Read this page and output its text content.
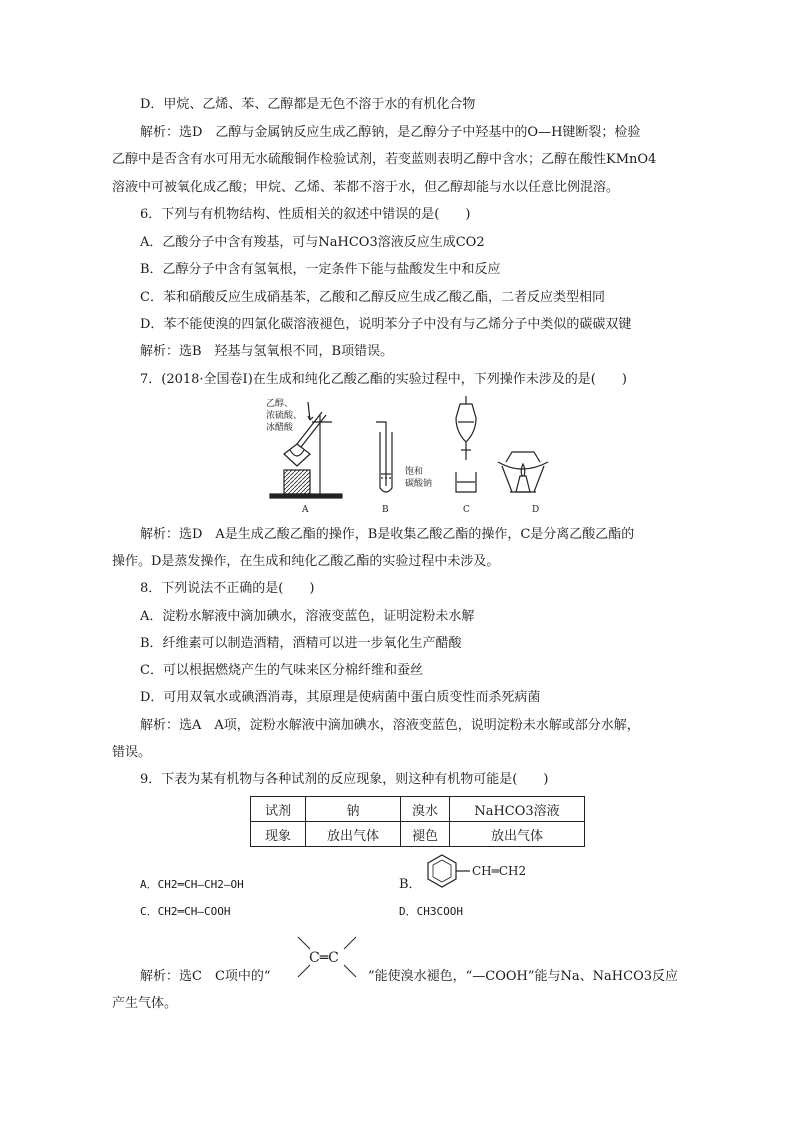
D．甲烷、乙烯、苯、乙醇都是无色不溶于水的有机化合物
解析：选D　乙醇与金属钠反应生成乙醇钠，是乙醇分子中羟基中的O—H键断裂；检验
乙醇中是否含有水可用无水硫酸铜作检验试剂，若变蓝则表明乙醇中含水；乙醇在酸性KMnO4
溶液中可被氧化成乙酸；甲烷、乙烯、苯都不溶于水，但乙醇却能与水以任意比例混溶。
6．下列与有机物结构、性质相关的叙述中错误的是(　　)
A．乙酸分子中含有羧基，可与NaHCO3溶液反应生成CO2
B．乙醇分子中含有氢氧根，一定条件下能与盐酸发生中和反应
C．苯和硝酸反应生成硝基苯，乙酸和乙醇反应生成乙酸乙酯，二者反应类型相同
D．苯不能使溴的四氯化碳溶液褪色，说明苯分子中没有与乙烯分子中类似的碳碳双键
解析：选B　羟基与氢氧根不同，B项错误。
7．(2018·全国卷Ⅰ)在生成和纯化乙酸乙酯的实验过程中，下列操作未涉及的是(　　)
乙醇、
浓硫酸、
冰醋酸
A
饱和
碳酸钠
B	C	D
解析：选D　A是生成乙酸乙酯的操作，B是收集乙酸乙酯的操作，C是分离乙酸乙酯的
操作。D是蒸发操作，在生成和纯化乙酸乙酯的实验过程中未涉及。
8．下列说法不正确的是(　　)
A．淀粉水解液中滴加碘水，溶液变蓝色，证明淀粉未水解
B．纤维素可以制造酒精，酒精可以进一步氧化生产醋酸
C．可以根据燃烧产生的气味来区分棉纤维和蚕丝
D．可用双氧水或碘酒消毒，其原理是使病菌中蛋白质变性而杀死病菌
解析：选A　A项，淀粉水解液中滴加碘水，溶液变蓝色，说明淀粉未水解或部分水解，
错误。
9．下表为某有机物与各种试剂的反应现象，则这种有机物可能是(　　)
试剂	钠	溴水	NaHCO3溶液
现象	放出气体	褪色	放出气体
A．CH2═CH—CH2—OH	B．
CH═CH2
C．CH2═CH—COOH	D．CH3COOH
解析：选C　C项中的“
C═C
”能使溴水褪色，“—COOH”能与Na、NaHCO3反应
产生气体。
